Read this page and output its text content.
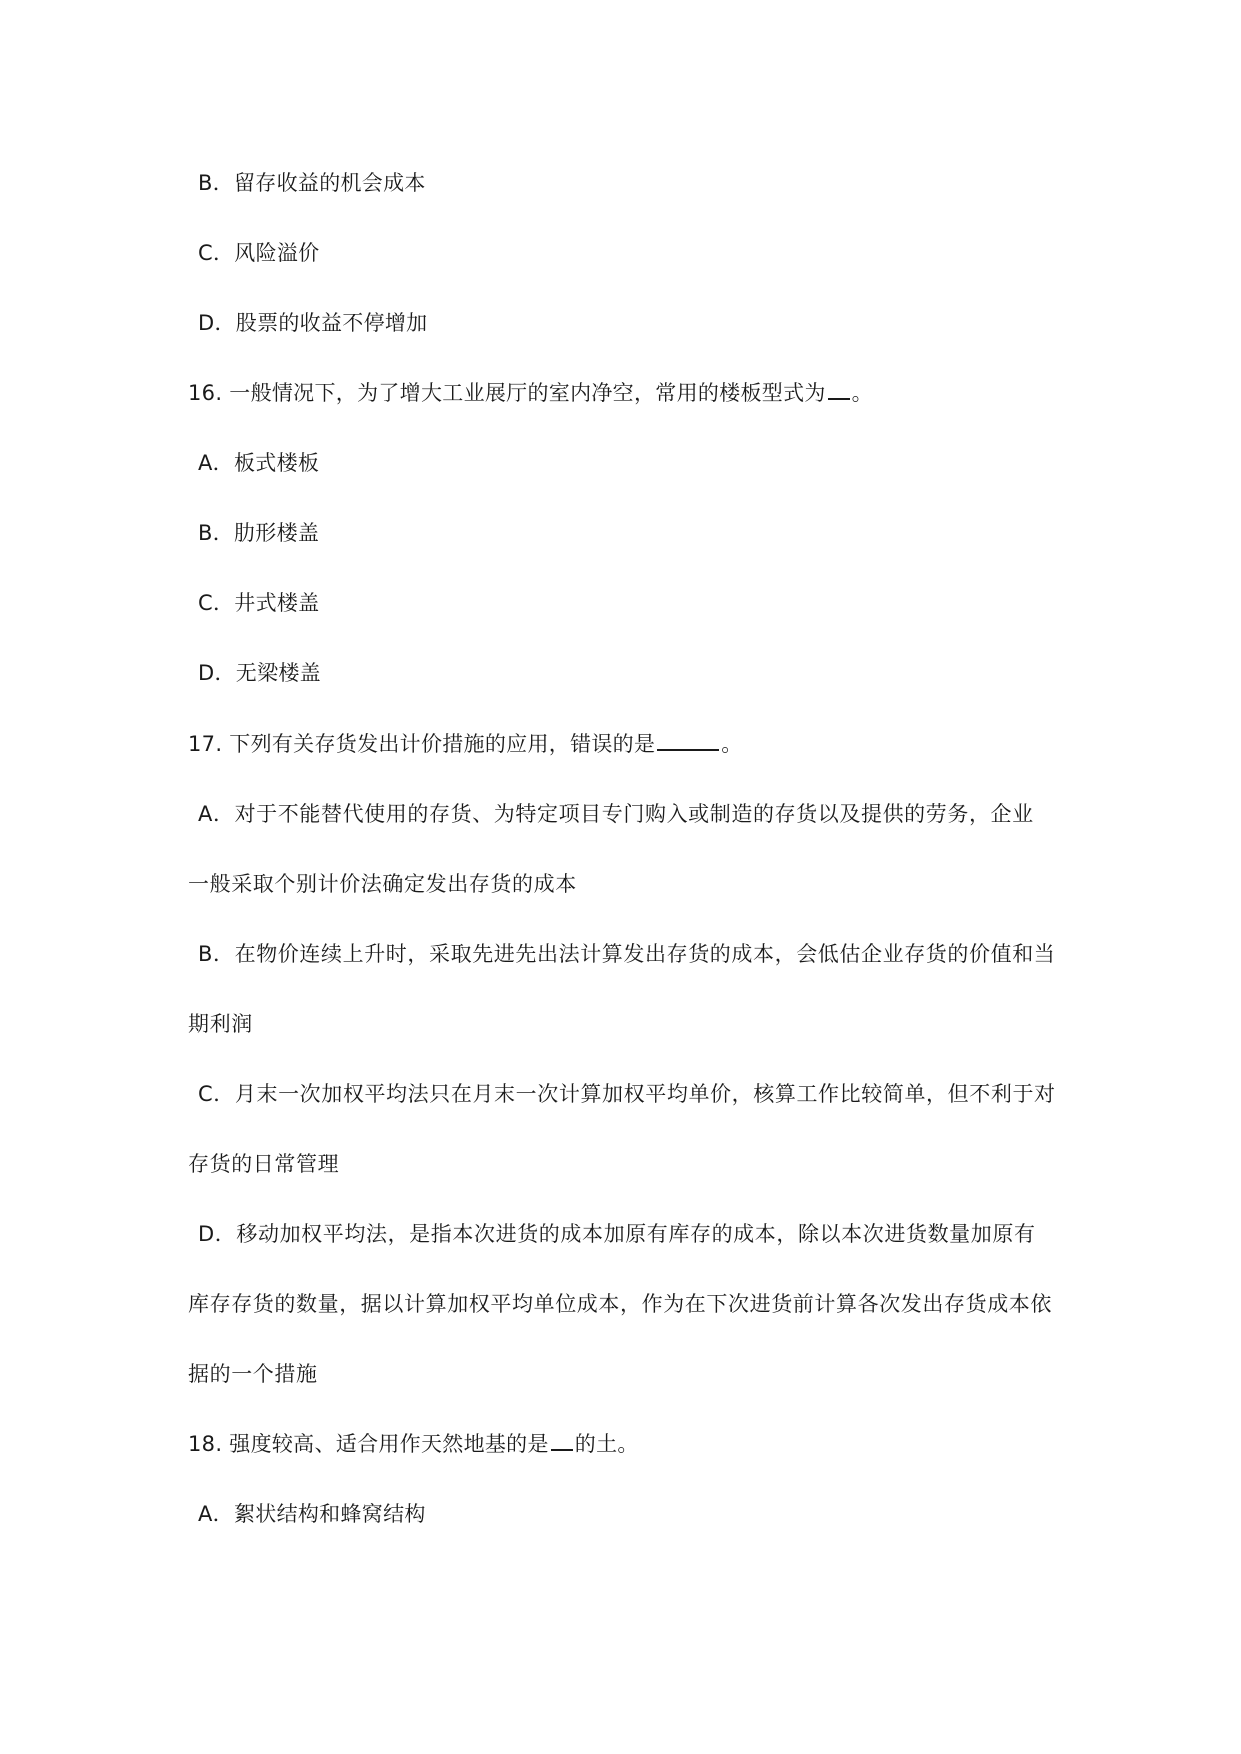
B．留存收益的机会成本
C．风险溢价
D．股票的收益不停增加
16. 一般情况下，为了增大工业展厅的室内净空，常用的楼板型式为 。
A．板式楼板
B．肋形楼盖
C．井式楼盖
D．无梁楼盖
17. 下列有关存货发出计价措施的应用，错误的是	。
A．对于不能替代使用的存货、为特定项目专门购入或制造的存货以及提供的劳务，企业
一般采取个别计价法确定发出存货的成本
B．在物价连续上升时，采取先进先出法计算发出存货的成本，会低估企业存货的价值和当
期利润
C．月末一次加权平均法只在月末一次计算加权平均单价，核算工作比较简单，但不利于对
存货的日常管理
D．移动加权平均法，是指本次进货的成本加原有库存的成本，除以本次进货数量加原有
库存存货的数量，据以计算加权平均单位成本，作为在下次进货前计算各次发出存货成本依
据的一个措施
18. 强度较高、适合用作天然地基的是 的土。
A．絮状结构和蜂窝结构
